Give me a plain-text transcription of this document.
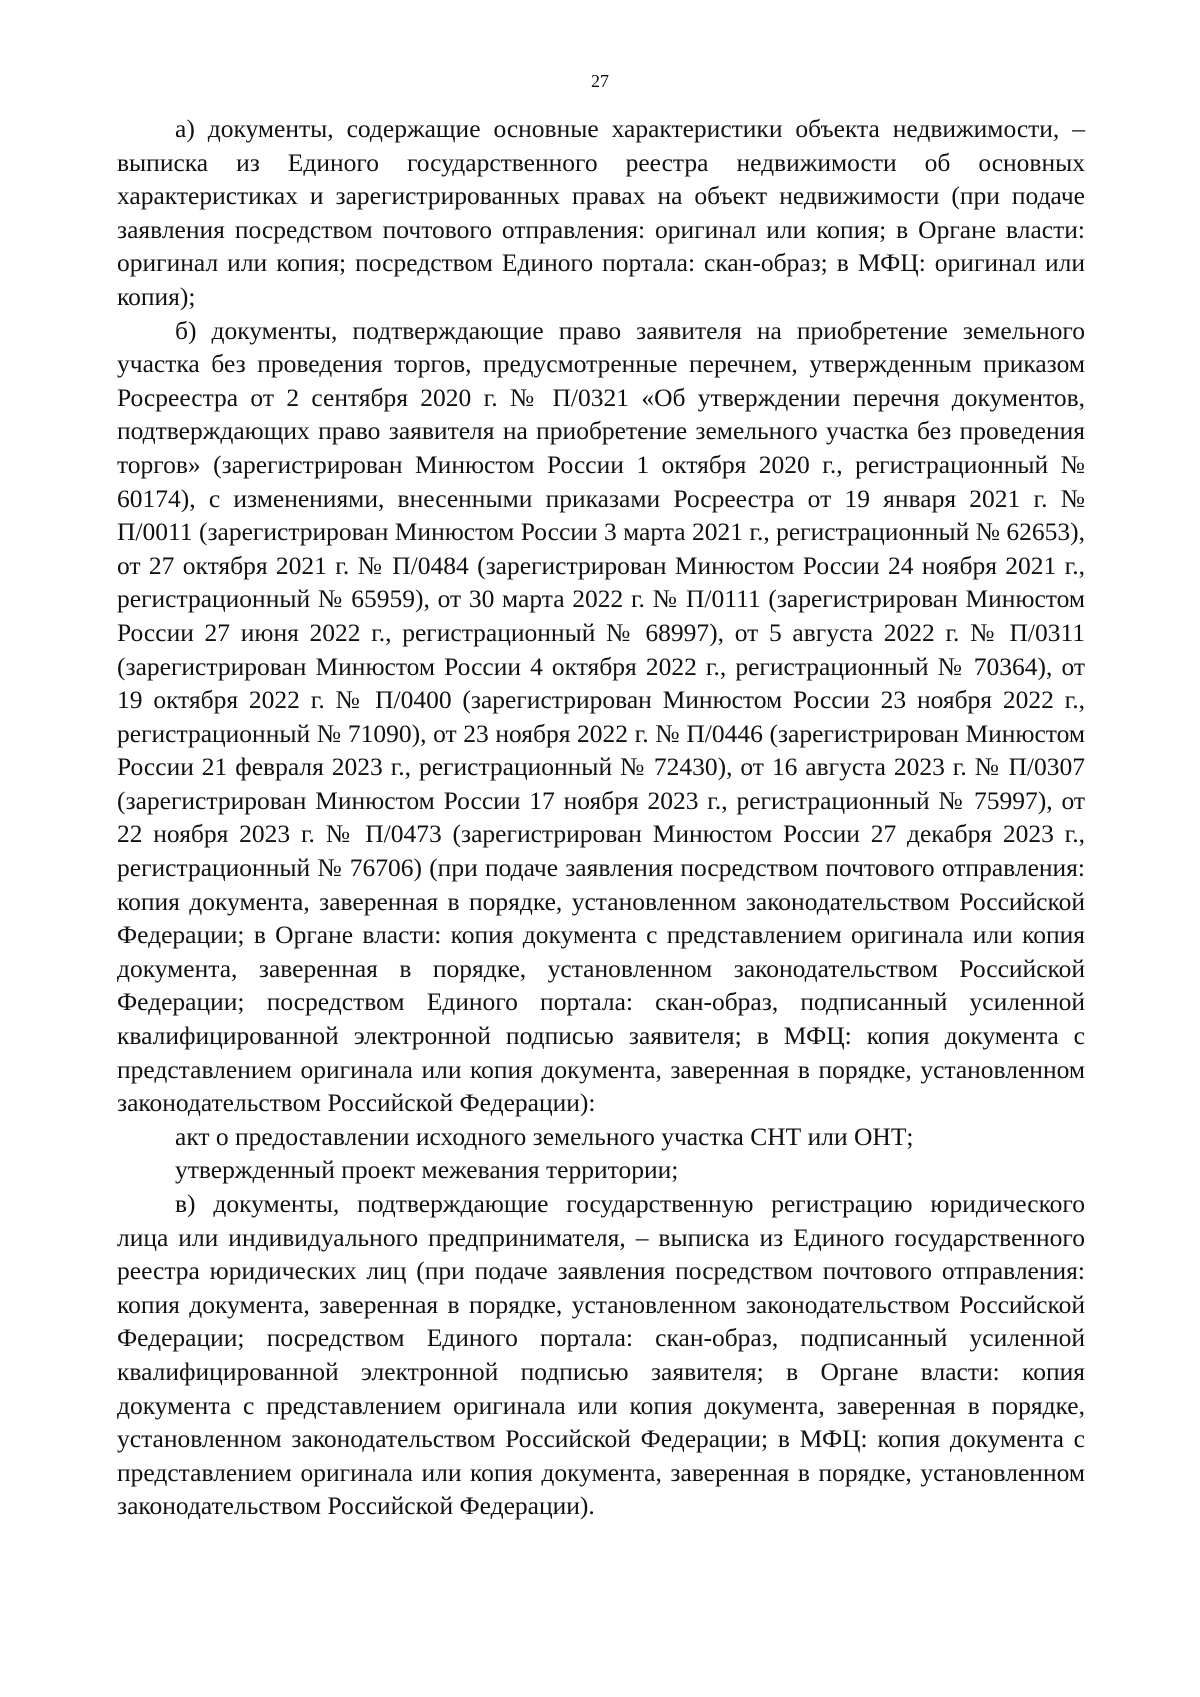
27

а) документы, содержащие основные характеристики объекта недвижимости, – выписка из Единого государственного реестра недвижимости об основных характеристиках и зарегистрированных правах на объект недвижимости (при подаче заявления посредством почтового отправления: оригинал или копия; в Органе власти: оригинал или копия; посредством Единого портала: скан-образ; в МФЦ: оригинал или копия);

б) документы, подтверждающие право заявителя на приобретение земельного участка без проведения торгов, предусмотренные перечнем, утвержденным приказом Росреестра от 2 сентября 2020 г. № П/0321 «Об утверждении перечня документов, подтверждающих право заявителя на приобретение земельного участка без проведения торгов» (зарегистрирован Минюстом России 1 октября 2020 г., регистрационный № 60174), с изменениями, внесенными приказами Росреестра от 19 января 2021 г. № П/0011 (зарегистрирован Минюстом России 3 марта 2021 г., регистрационный № 62653), от 27 октября 2021 г. № П/0484 (зарегистрирован Минюстом России 24 ноября 2021 г., регистрационный № 65959), от 30 марта 2022 г. № П/0111 (зарегистрирован Минюстом России 27 июня 2022 г., регистрационный № 68997), от 5 августа 2022 г. № П/0311 (зарегистрирован Минюстом России 4 октября 2022 г., регистрационный № 70364), от 19 октября 2022 г. № П/0400 (зарегистрирован Минюстом России 23 ноября 2022 г., регистрационный № 71090), от 23 ноября 2022 г. № П/0446 (зарегистрирован Минюстом России 21 февраля 2023 г., регистрационный № 72430), от 16 августа 2023 г. № П/0307 (зарегистрирован Минюстом России 17 ноября 2023 г., регистрационный № 75997), от 22 ноября 2023 г. № П/0473 (зарегистрирован Минюстом России 27 декабря 2023 г., регистрационный № 76706) (при подаче заявления посредством почтового отправления: копия документа, заверенная в порядке, установленном законодательством Российской Федерации; в Органе власти: копия документа с представлением оригинала или копия документа, заверенная в порядке, установленном законодательством Российской Федерации; посредством Единого портала: скан-образ, подписанный усиленной квалифицированной электронной подписью заявителя; в МФЦ: копия документа с представлением оригинала или копия документа, заверенная в порядке, установленном законодательством Российской Федерации):

акт о предоставлении исходного земельного участка СНТ или ОНТ;

утвержденный проект межевания территории;

в) документы, подтверждающие государственную регистрацию юридического лица или индивидуального предпринимателя, – выписка из Единого государственного реестра юридических лиц (при подаче заявления посредством почтового отправления: копия документа, заверенная в порядке, установленном законодательством Российской Федерации; посредством Единого портала: скан-образ, подписанный усиленной квалифицированной электронной подписью заявителя; в Органе власти: копия документа с представлением оригинала или копия документа, заверенная в порядке, установленном законодательством Российской Федерации; в МФЦ: копия документа с представлением оригинала или копия документа, заверенная в порядке, установленном законодательством Российской Федерации).
